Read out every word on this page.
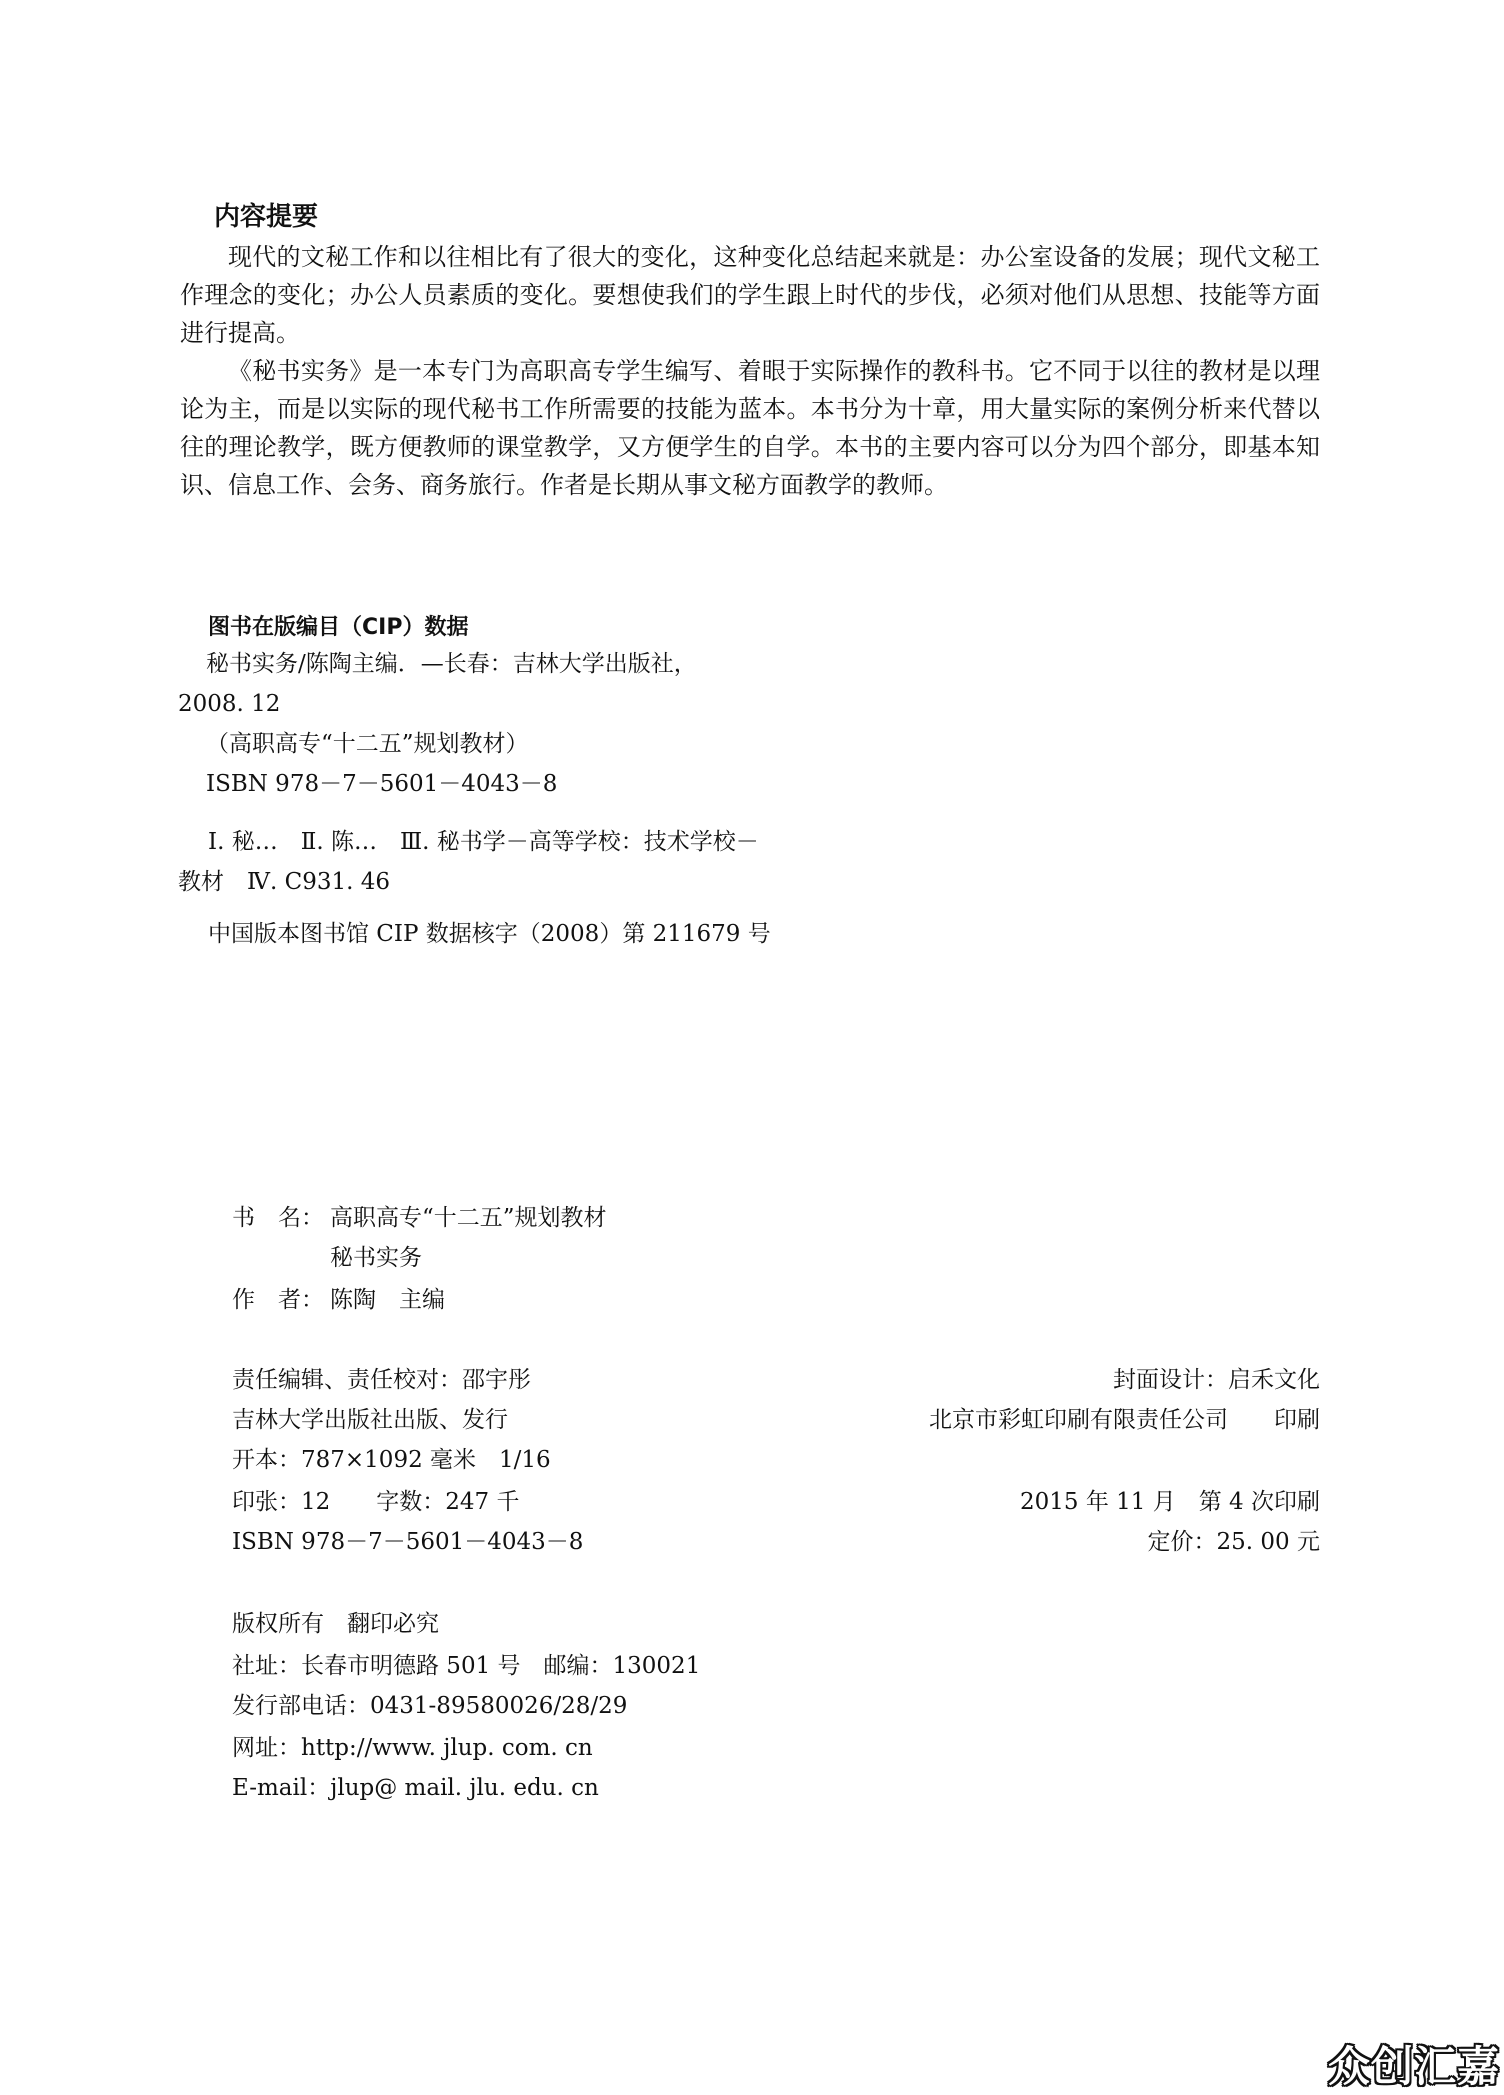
内容提要

现代的文秘工作和以往相比有了很大的变化，这种变化总结起来就是：办公室设备的发展；现代文秘工作理念的变化；办公人员素质的变化。要想使我们的学生跟上时代的步伐，必须对他们从思想、技能等方面进行提高。

《秘书实务》是一本专门为高职高专学生编写、着眼于实际操作的教科书。它不同于以往的教材是以理论为主，而是以实际的现代秘书工作所需要的技能为蓝本。本书分为十章，用大量实际的案例分析来代替以往的理论教学，既方便教师的课堂教学，又方便学生的自学。本书的主要内容可以分为四个部分，即基本知识、信息工作、会务、商务旅行。作者是长期从事文秘方面教学的教师。

图书在版编目（CIP）数据
秘书实务/陈陶主编．—长春：吉林大学出版社，
2008. 12
（高职高专“十二五”规划教材）
ISBN 978－7－5601－4043－8
Ⅰ. 秘…　Ⅱ. 陈…　Ⅲ. 秘书学－高等学校：技术学校－
教材　Ⅳ. C931. 46
中国版本图书馆 CIP 数据核字（2008）第 211679 号
书　名： 高职高专“十二五”规划教材
秘书实务
作　者： 陈陶　主编
责任编辑、责任校对：邵宇彤	封面设计：启禾文化
吉林大学出版社出版、发行	北京市彩虹印刷有限责任公司　　印刷
开本：787×1092 毫米　1/16
印张：12　　字数：247 千	2015 年 11 月　第 4 次印刷
ISBN 978－7－5601－4043－8	定价：25. 00 元
版权所有　翻印必究
社址：长春市明德路 501 号　邮编：130021
发行部电话：0431-89580026/28/29
网址：http://www. jlup. com. cn
E-mail：jlup@ mail. jlu. edu. cn
众创汇嘉
